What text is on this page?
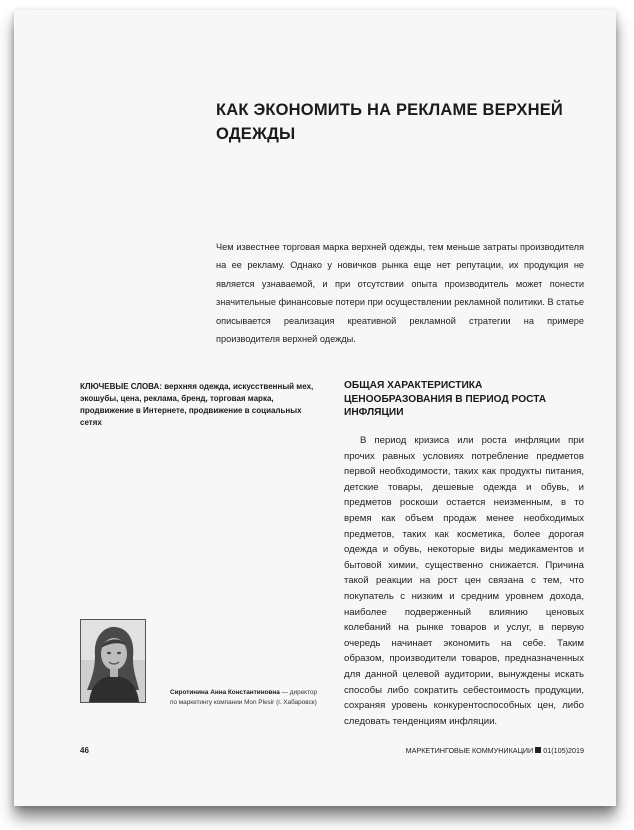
КАК ЭКОНОМИТЬ НА РЕКЛАМЕ ВЕРХНЕЙ ОДЕЖДЫ

Чем известнее торговая марка верхней одежды, тем меньше затраты производителя на ее рекламу. Однако у новичков рынка еще нет репутации, их продукция не является узнаваемой, и при отсутствии опыта производитель может понести значительные финансовые потери при осуществлении рекламной политики. В статье описывается реализация креативной рекламной стратегии на примере производителя верхней одежды.

КЛЮЧЕВЫЕ СЛОВА: верхняя одежда, искусственный мех, экошубы, цена, реклама, бренд, торговая марка, продвижение в Интернете, продвижение в социальных сетях

ОБЩАЯ ХАРАКТЕРИСТИКА ЦЕНООБРАЗОВАНИЯ В ПЕРИОД РОСТА ИНФЛЯЦИИ

В период кризиса или роста инфляции при прочих равных условиях потребление предметов первой необходимости, таких как продукты питания, детские товары, дешевые одежда и обувь, и предметов роскоши остается неизменным, в то время как объем продаж менее необходимых предметов, таких как косметика, более дорогая одежда и обувь, некоторые виды медикаментов и бытовой химии, существенно снижается. Причина такой реакции на рост цен связана с тем, что покупатель с низким и средним уровнем дохода, наиболее подверженный влиянию ценовых колебаний на рынке товаров и услуг, в первую очередь начинает экономить на себе. Таким образом, производители товаров, предназначенных для данной целевой аудитории, вынуждены искать способы либо сократить себестоимость продукции, сохраняя уровень конкурентоспособных цен, либо следовать тенденциям инфляции.

Сиротинина Анна Константиновна — директор по маркетингу компании Mon Plesir (г. Хабаровск)

46	МАРКЕТИНГОВЫЕ КОММУНИКАЦИИ 01(105)2019
